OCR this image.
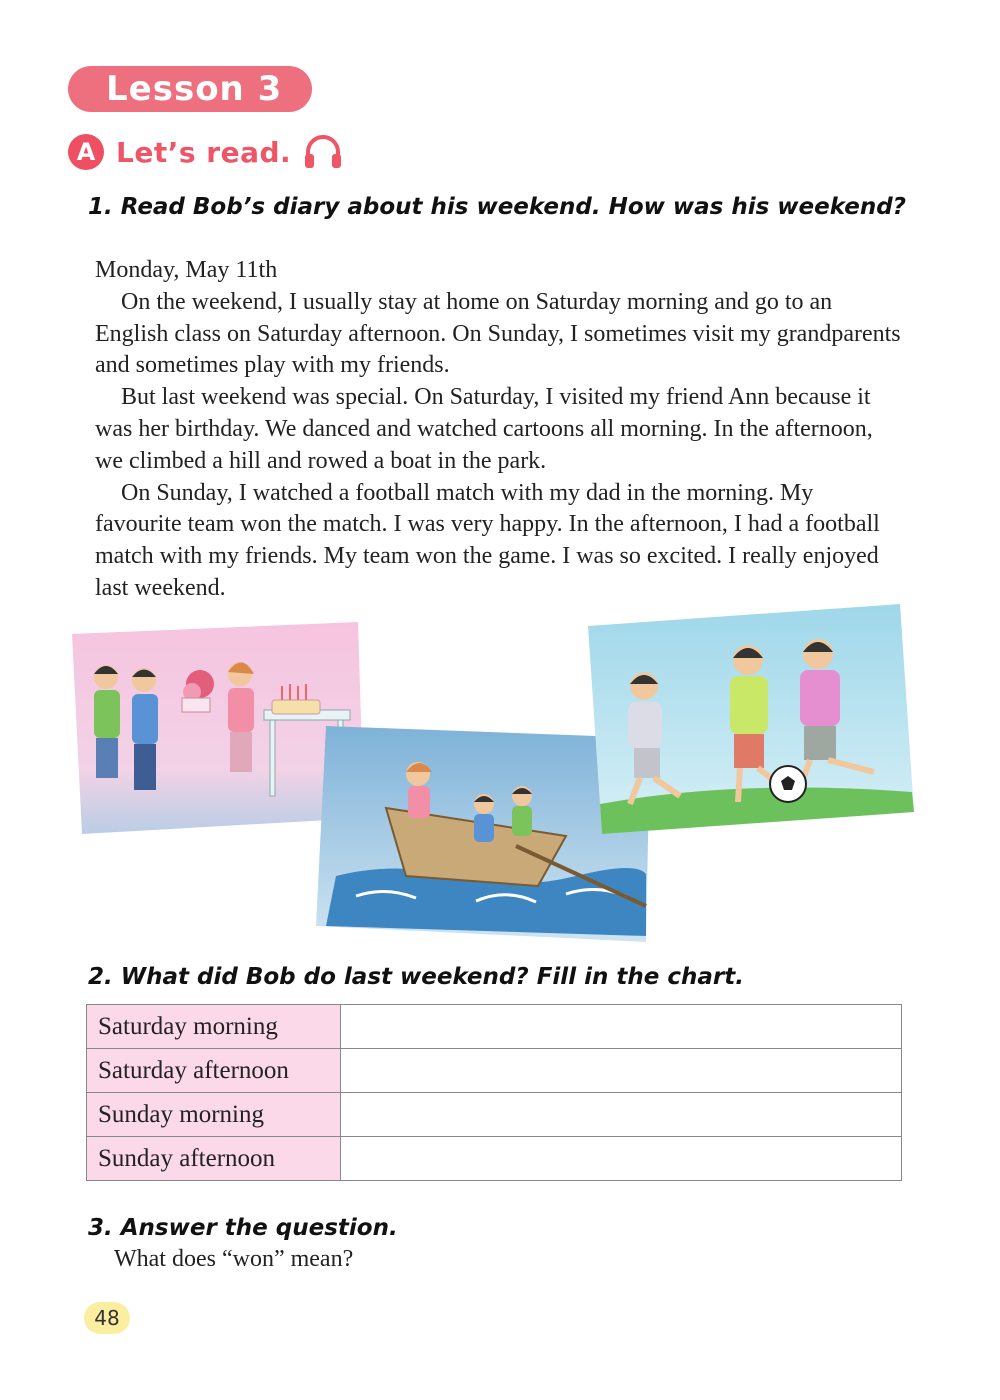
Lesson 3
A Let’s read.
1. Read Bob’s diary about his weekend. How was his weekend?

Monday, May 11th

On the weekend, I usually stay at home on Saturday morning and go to an English class on Saturday afternoon. On Sunday, I sometimes visit my grandparents and sometimes play with my friends.

But last weekend was special. On Saturday, I visited my friend Ann because it was her birthday. We danced and watched cartoons all morning. In the afternoon, we climbed a hill and rowed a boat in the park.

On Sunday, I watched a football match with my dad in the morning. My favourite team won the match. I was very happy. In the afternoon, I had a football match with my friends. My team won the game. I was so excited. I really enjoyed last weekend.

2. What did Bob do last weekend? Fill in the chart.
Saturday morning	
Saturday afternoon	
Sunday morning	
Sunday afternoon	
3. Answer the question.
What does “won” mean?
48
